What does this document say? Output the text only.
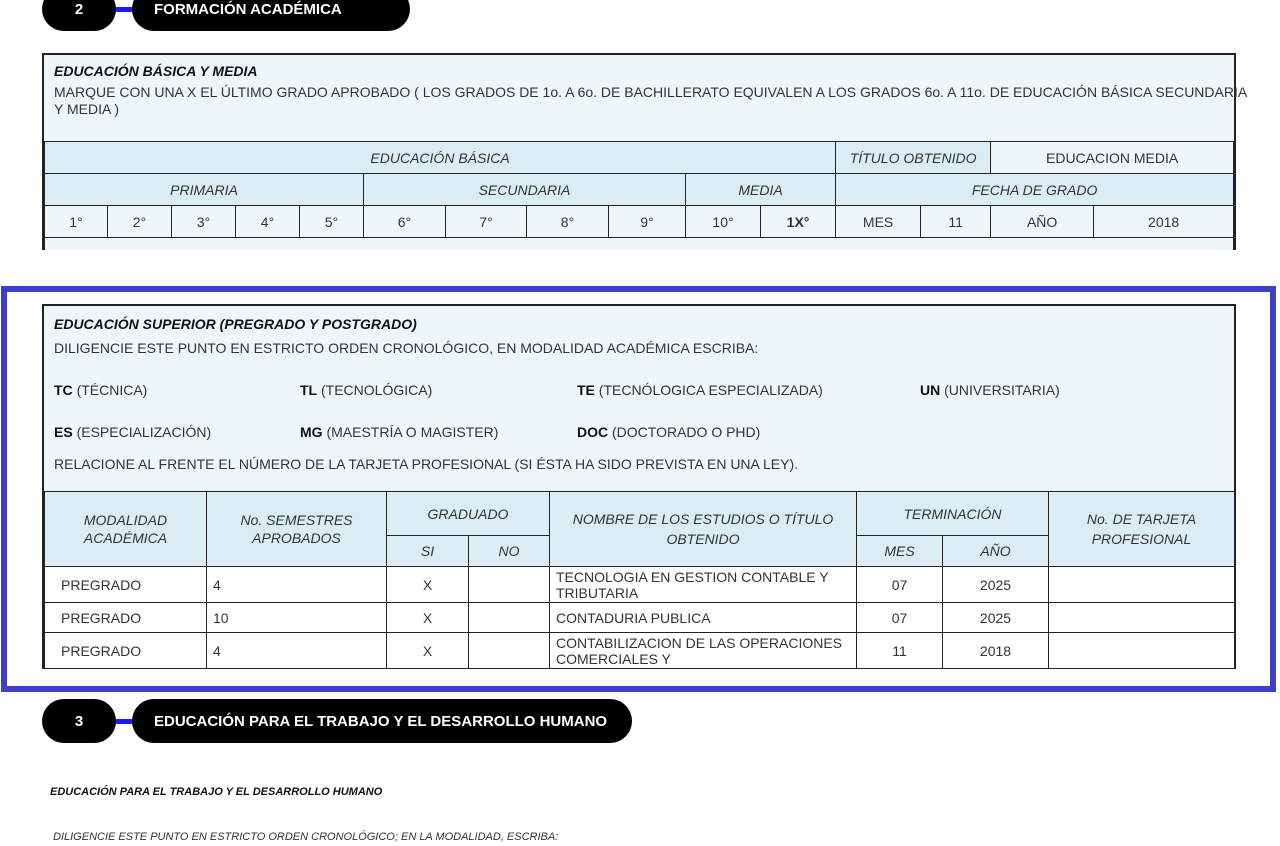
2	FORMACIÓN ACADÉMICA
EDUCACIÓN BÁSICA Y MEDIA
MARQUE CON UNA X EL ÚLTIMO GRADO APROBADO ( LOS GRADOS DE 1o. A 6o. DE BACHILLERATO EQUIVALEN A LOS GRADOS 6o. A 11o. DE EDUCACIÓN BÁSICA SECUNDARIA Y MEDIA )
EDUCACIÓN BÁSICA											TÍTULO OBTENIDO		EDUCACION MEDIA	
PRIMARIA					SECUNDARIA				MEDIA		FECHA DE GRADO			
1°	2°	3°	4°	5°	6°	7°	8°	9°	10°	1X°	MES	11	AÑO	2018

EDUCACIÓN SUPERIOR (PREGRADO Y POSTGRADO)
DILIGENCIE ESTE PUNTO EN ESTRICTO ORDEN CRONOLÓGICO, EN MODALIDAD ACADÉMICA ESCRIBA:
TC (TÉCNICA)	TL (TECNOLÓGICA)	TE (TECNÓLOGICA ESPECIALIZADA)	UN (UNIVERSITARIA)
ES (ESPECIALIZACIÓN)	MG (MAESTRÍA O MAGISTER)	DOC (DOCTORADO O PHD)
RELACIONE AL FRENTE EL NÚMERO DE LA TARJETA PROFESIONAL (SI ÉSTA HA SIDO PREVISTA EN UNA LEY).
MODALIDAD ACADÉMICA	No. SEMESTRES APROBADOS	GRADUADO		NOMBRE DE LOS ESTUDIOS O TÍTULO OBTENIDO	TERMINACIÓN		No. DE TARJETA PROFESIONAL
		SI	NO		MES	AÑO	
PREGRADO	4	X		TECNOLOGIA EN GESTION CONTABLE Y TRIBUTARIA	07	2025	
PREGRADO	10	X		CONTADURIA PUBLICA	07	2025	
PREGRADO	4	X		CONTABILIZACION DE LAS OPERACIONES COMERCIALES Y	11	2018	
3	EDUCACIÓN PARA EL TRABAJO Y EL DESARROLLO HUMANO
EDUCACIÓN PARA EL TRABAJO Y EL DESARROLLO HUMANO
DILIGENCIE ESTE PUNTO EN ESTRICTO ORDEN CRONOLÓGICO; EN LA MODALIDAD, ESCRIBA:
